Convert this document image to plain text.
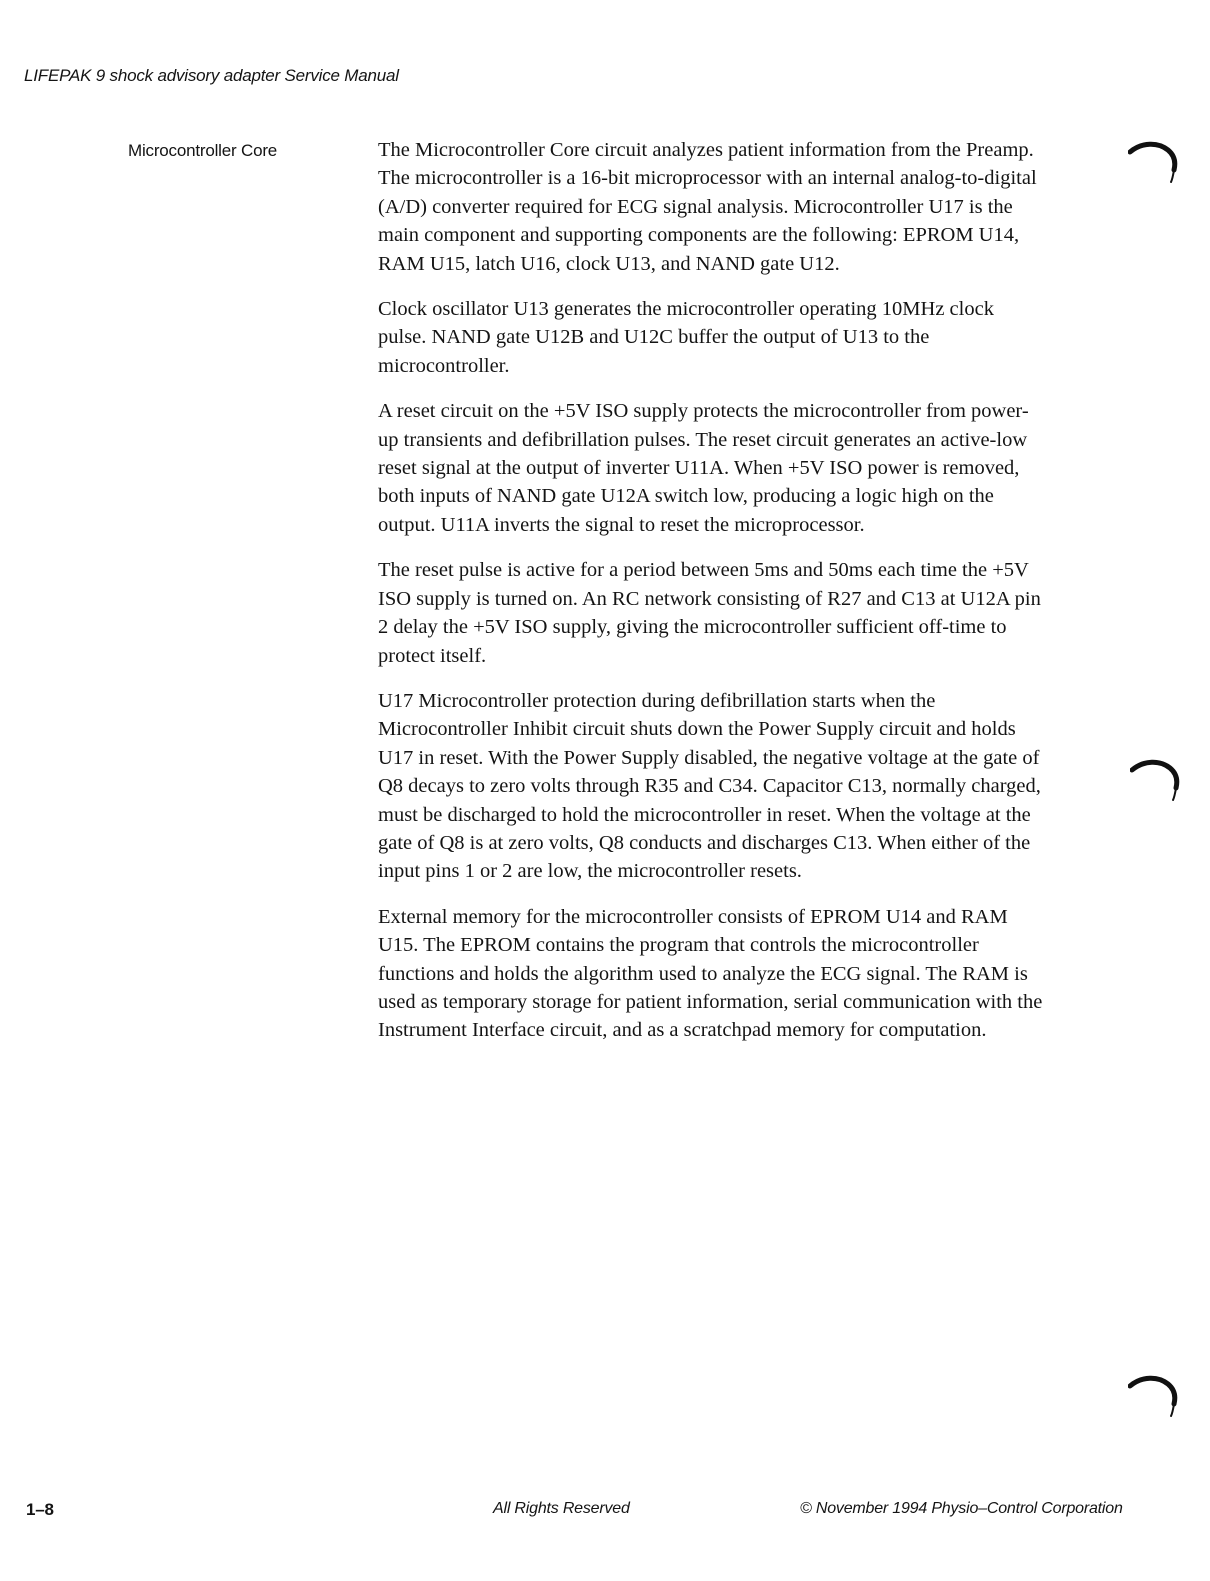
LIFEPAK 9 shock advisory adapter Service Manual
Microcontroller Core	The Microcontroller Core circuit analyzes patient information from the Preamp. The microcontroller is a 16-bit microprocessor with an internal analog-to-digital (A/D) converter required for ECG signal analysis. Microcontroller U17 is the main component and supporting components are the following: EPROM U14, RAM U15, latch U16, clock U13, and NAND gate U12.

Clock oscillator U13 generates the microcontroller operating 10MHz clock pulse. NAND gate U12B and U12C buffer the output of U13 to the microcontroller.

A reset circuit on the +5V ISO supply protects the microcontroller from power-up transients and defibrillation pulses. The reset circuit generates an active-low reset signal at the output of inverter U11A. When +5V ISO power is removed, both inputs of NAND gate U12A switch low, producing a logic high on the output. U11A inverts the signal to reset the microprocessor.

The reset pulse is active for a period between 5ms and 50ms each time the +5V ISO supply is turned on. An RC network consisting of R27 and C13 at U12A pin 2 delay the +5V ISO supply, giving the microcontroller sufficient off-time to protect itself.

U17 Microcontroller protection during defibrillation starts when the Microcontroller Inhibit circuit shuts down the Power Supply circuit and holds U17 in reset. With the Power Supply disabled, the negative voltage at the gate of Q8 decays to zero volts through R35 and C34. Capacitor C13, normally charged, must be discharged to hold the microcontroller in reset. When the voltage at the gate of Q8 is at zero volts, Q8 conducts and discharges C13. When either of the input pins 1 or 2 are low, the microcontroller resets.

External memory for the microcontroller consists of EPROM U14 and RAM U15. The EPROM contains the program that controls the microcontroller functions and holds the algorithm used to analyze the ECG signal. The RAM is used as temporary storage for patient information, serial communication with the Instrument Interface circuit, and as a scratchpad memory for computation.

1–8	All Rights Reserved	© November 1994 Physio–Control Corporation
